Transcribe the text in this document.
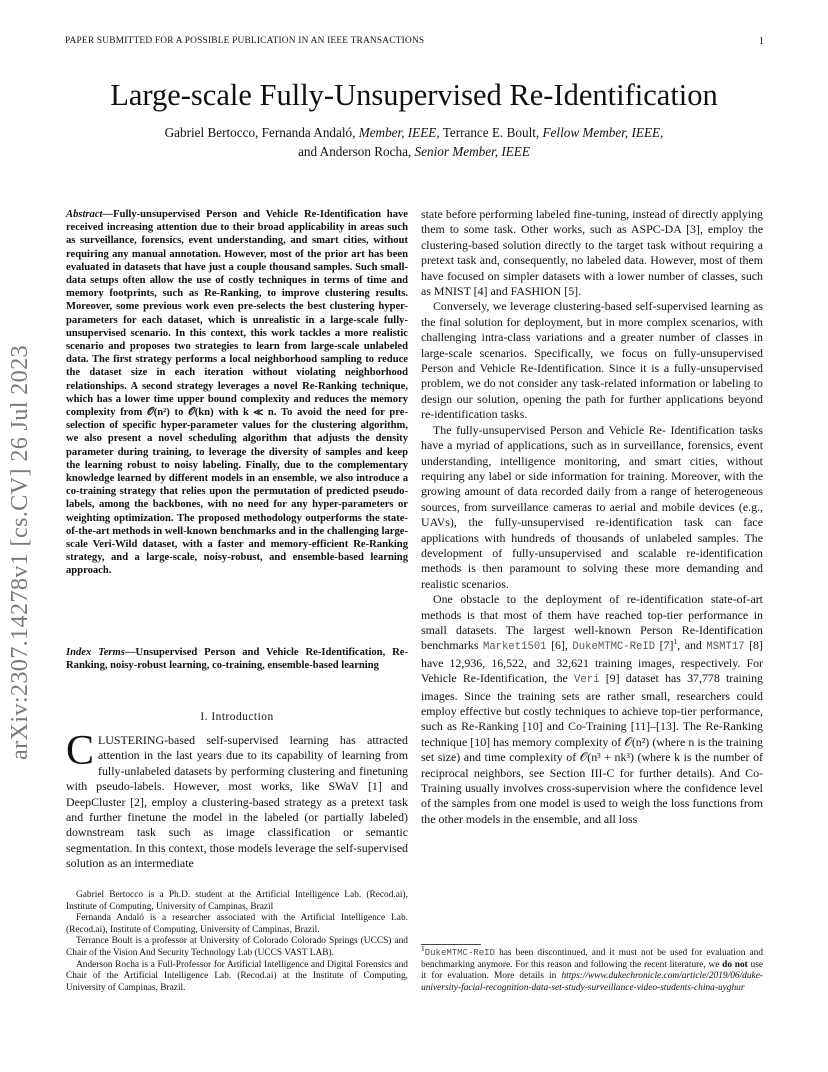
PAPER SUBMITTED FOR A POSSIBLE PUBLICATION IN AN IEEE TRANSACTIONS	1
Large-scale Fully-Unsupervised Re-Identification
Gabriel Bertocco, Fernanda Andaló, Member, IEEE, Terrance E. Boult, Fellow Member, IEEE,
and Anderson Rocha, Senior Member, IEEE
arXiv:2307.14278v1 [cs.CV] 26 Jul 2023
Abstract—Fully-unsupervised Person and Vehicle Re-Identification have received increasing attention due to their broad applicability in areas such as surveillance, forensics, event understanding, and smart cities, without requiring any manual annotation. However, most of the prior art has been evaluated in datasets that have just a couple thousand samples. Such small-data setups often allow the use of costly techniques in terms of time and memory footprints, such as Re-Ranking, to improve clustering results. Moreover, some previous work even pre-selects the best clustering hyper-parameters for each dataset, which is unrealistic in a large-scale fully-unsupervised scenario. In this context, this work tackles a more realistic scenario and proposes two strategies to learn from large-scale unlabeled data. The first strategy performs a local neighborhood sampling to reduce the dataset size in each iteration without violating neighborhood relationships. A second strategy leverages a novel Re-Ranking technique, which has a lower time upper bound complexity and reduces the memory complexity from 𝒪(n²) to 𝒪(kn) with k ≪ n. To avoid the need for pre-selection of specific hyper-parameter values for the clustering algorithm, we also present a novel scheduling algorithm that adjusts the density parameter during training, to leverage the diversity of samples and keep the learning robust to noisy labeling. Finally, due to the complementary knowledge learned by different models in an ensemble, we also introduce a co-training strategy that relies upon the permutation of predicted pseudo-labels, among the backbones, with no need for any hyper-parameters or weighting optimization. The proposed methodology outperforms the state-of-the-art methods in well-known benchmarks and in the challenging large-scale Veri-Wild dataset, with a faster and memory-efficient Re-Ranking strategy, and a large-scale, noisy-robust, and ensemble-based learning approach.
Index Terms—Unsupervised Person and Vehicle Re-Identification, Re-Ranking, noisy-robust learning, co-training, ensemble-based learning
I. Introduction
CLUSTERING-based self-supervised learning has attracted attention in the last years due to its capability of learning from fully-unlabeled datasets by performing clustering and finetuning with pseudo-labels. However, most works, like SWaV [1] and DeepCluster [2], employ a clustering-based strategy as a pretext task and further finetune the model in the labeled (or partially labeled) downstream task such as image classification or semantic segmentation. In this context, those models leverage the self-supervised solution as an intermediate

Gabriel Bertocco is a Ph.D. student at the Artificial Intelligence Lab. (Recod.ai), Institute of Computing, University of Campinas, Brazil

Fernanda Andaló is a researcher associated with the Artificial Intelligence Lab. (Recod.ai), Institute of Computing, University of Campinas, Brazil.

Terrance Boult is a professor at University of Colorado Colorado Springs (UCCS) and Chair of the Vision And Security Technology Lab (UCCS VAST LAB).

Anderson Rocha is a Full-Professor for Artificial Intelligence and Digital Forensics and Chair of the Artificial Intelligence Lab. (Recod.ai) at the Institute of Computing, University of Campinas, Brazil.

state before performing labeled fine-tuning, instead of directly applying them to some task. Other works, such as ASPC-DA [3], employ the clustering-based solution directly to the target task without requiring a pretext task and, consequently, no labeled data. However, most of them have focused on simpler datasets with a lower number of classes, such as MNIST [4] and FASHION [5].

Conversely, we leverage clustering-based self-supervised learning as the final solution for deployment, but in more complex scenarios, with challenging intra-class variations and a greater number of classes in large-scale scenarios. Specifically, we focus on fully-unsupervised Person and Vehicle Re-Identification. Since it is a fully-unsupervised problem, we do not consider any task-related information or labeling to design our solution, opening the path for further applications beyond re-identification tasks.

The fully-unsupervised Person and Vehicle Re- Identification tasks have a myriad of applications, such as in surveillance, forensics, event understanding, intelligence monitoring, and smart cities, without requiring any label or side information for training. Moreover, with the growing amount of data recorded daily from a range of heterogeneous sources, from surveillance cameras to aerial and mobile devices (e.g., UAVs), the fully-unsupervised re-identification task can face applications with hundreds of thousands of unlabeled samples. The development of fully-unsupervised and scalable re-identification methods is then paramount to solving these more demanding and realistic scenarios.

One obstacle to the deployment of re-identification state-of-art methods is that most of them have reached top-tier performance in small datasets. The largest well-known Person Re-Identification benchmarks Market1501 [6], DukeMTMC-ReID $[7]^1$, and MSMT17 [8] have 12,936, 16,522, and 32,621 training images, respectively. For Vehicle Re-Identification, the Veri [9] dataset has 37,778 training images. Since the training sets are rather small, researchers could employ effective but costly techniques to achieve top-tier performance, such as Re-Ranking [10] and Co-Training [11]–[13]. The Re-Ranking technique [10] has memory complexity of 𝒪(n²) (where n is the training set size) and time complexity of 𝒪(n³ + nk³) (where k is the number of reciprocal neighbors, see Section III-C for further details). And Co-Training usually involves cross-supervision where the confidence level of the samples from one model is used to weigh the loss functions from the other models in the ensemble, and all loss

$^1$DukeMTMC-ReID has been discontinued, and it must not be used for evaluation and benchmarking anymore. For this reason and following the recent literature, we do not use it for evaluation. More details in https://www.dukechronicle.com/article/2019/06/duke-university-facial-recognition-data-set-study-surveillance-video-students-china-uyghur
